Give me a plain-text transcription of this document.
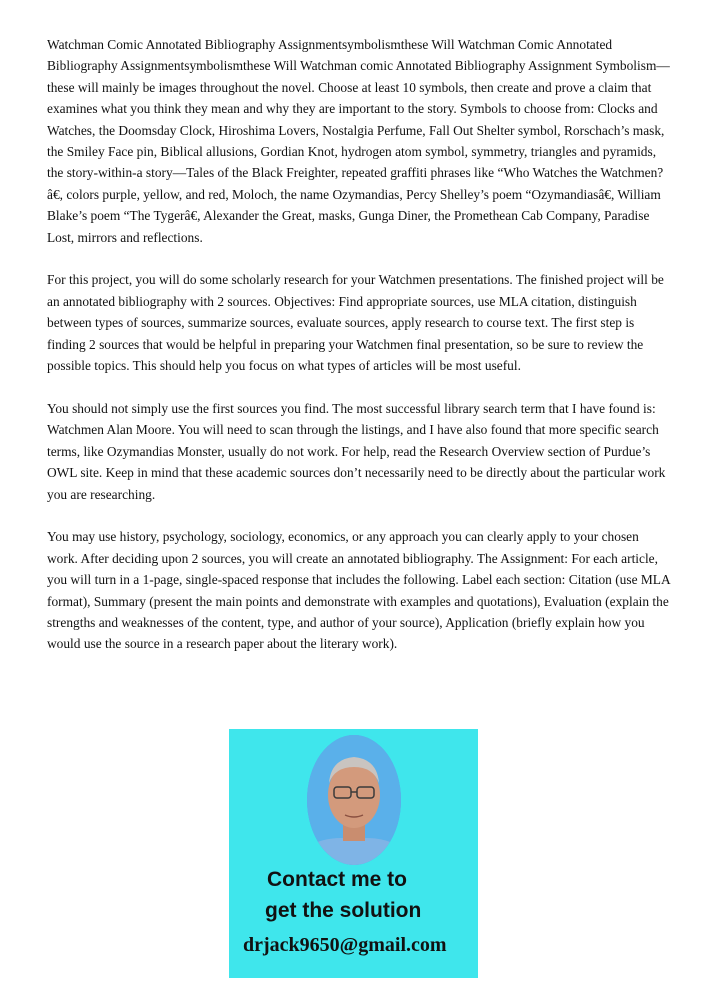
Watchman Comic Annotated Bibliography Assignmentsymbolismthese Will Watchman Comic Annotated Bibliography Assignmentsymbolismthese Will Watchman comic Annotated Bibliography Assignment Symbolism—these will mainly be images throughout the novel. Choose at least 10 symbols, then create and prove a claim that examines what you think they mean and why they are important to the story. Symbols to choose from: Clocks and Watches, the Doomsday Clock, Hiroshima Lovers, Nostalgia Perfume, Fall Out Shelter symbol, Rorschach’s mask, the Smiley Face pin, Biblical allusions, Gordian Knot, hydrogen atom symbol, symmetry, triangles and pyramids, the story-within-a story—Tales of the Black Freighter, repeated graffiti phrases like “Who Watches the Watchmen?â€, colors purple, yellow, and red, Moloch, the name Ozymandias, Percy Shelley’s poem “Ozymandiasâ€, William Blake’s poem “The Tygerâ€, Alexander the Great, masks, Gunga Diner, the Promethean Cab Company, Paradise Lost, mirrors and reflections.

For this project, you will do some scholarly research for your Watchmen presentations. The finished project will be an annotated bibliography with 2 sources. Objectives: Find appropriate sources, use MLA citation, distinguish between types of sources, summarize sources, evaluate sources, apply research to course text. The first step is finding 2 sources that would be helpful in preparing your Watchmen final presentation, so be sure to review the possible topics. This should help you focus on what types of articles will be most useful.

You should not simply use the first sources you find. The most successful library search term that I have found is: Watchmen Alan Moore. You will need to scan through the listings, and I have also found that more specific search terms, like Ozymandias Monster, usually do not work. For help, read the Research Overview section of Purdue’s OWL site. Keep in mind that these academic sources don’t necessarily need to be directly about the particular work you are researching.

You may use history, psychology, sociology, economics, or any approach you can clearly apply to your chosen work. After deciding upon 2 sources, you will create an annotated bibliography. The Assignment: For each article, you will turn in a 1-page, single-spaced response that includes the following. Label each section: Citation (use MLA format), Summary (present the main points and demonstrate with examples and quotations), Evaluation (explain the strengths and weaknesses of the content, type, and author of your source), Application (briefly explain how you would use the source in a research paper about the literary work).

Contact me to
get the solution
drjack9650@gmail.com
